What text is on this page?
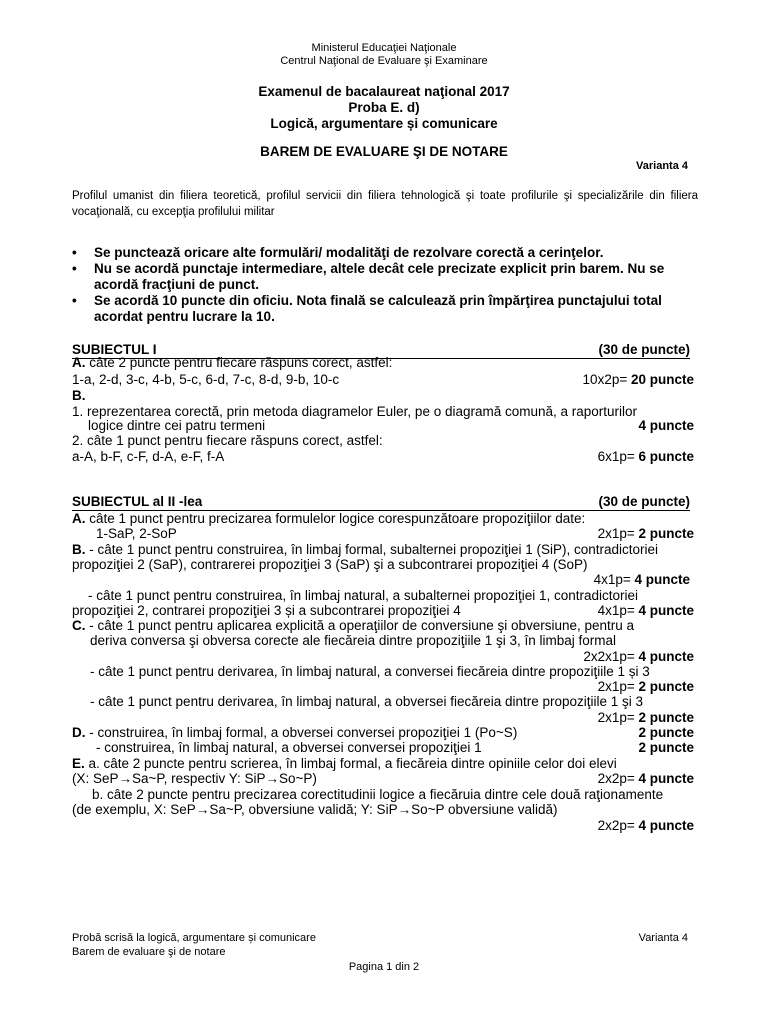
Ministerul Educaţiei Naţionale
Centrul Naţional de Evaluare şi Examinare
Examenul de bacalaureat naţional 2017
Proba E. d)
Logică, argumentare și comunicare
BAREM DE EVALUARE ŞI DE NOTARE
Varianta 4
Profilul umanist din filiera teoretică, profilul servicii din filiera tehnologică şi toate profilurile şi specializările din filiera vocaţională, cu excepţia profilului militar
• Se punctează oricare alte formulări/ modalităţi de rezolvare corectă a cerinţelor.
• Nu se acordă punctaje intermediare, altele decât cele precizate explicit prin barem. Nu se acordă fracţiuni de punct.
• Se acordă 10 puncte din oficiu. Nota finală se calculează prin împărţirea punctajului total acordat pentru lucrare la 10.
SUBIECTUL I	(30 de puncte)
A. câte 2 puncte pentru fiecare răspuns corect, astfel:
1-a, 2-d, 3-c, 4-b, 5-c, 6-d, 7-c, 8-d, 9-b, 10-c	10x2p= 20 puncte
B.
1. reprezentarea corectă, prin metoda diagramelor Euler, pe o diagramă comună, a raporturilor
logice dintre cei patru termeni	4 puncte
2. câte 1 punct pentru fiecare răspuns corect, astfel:
a-A, b-F, c-F, d-A, e-F, f-A	6x1p= 6 puncte
SUBIECTUL al II -lea	(30 de puncte)
A. câte 1 punct pentru precizarea formulelor logice corespunzătoare propoziţiilor date:
1-SaP, 2-SoP	2x1p= 2 puncte
B. - câte 1 punct pentru construirea, în limbaj formal, subalternei propoziţiei 1 (SiP), contradictoriei
propoziţiei 2 (SaP), contrarerei propoziţiei 3 (SaP) şi a subcontrarei propoziţiei 4 (SoP)
4x1p= 4 puncte
- câte 1 punct pentru construirea, în limbaj natural, a subalternei propoziţiei 1, contradictoriei
propoziţiei 2, contrarei propoziţiei 3 și a subcontrarei propoziţiei 4	4x1p= 4 puncte
C. - câte 1 punct pentru aplicarea explicită a operaţiilor de conversiune şi obversiune, pentru a
deriva conversa şi obversa corecte ale fiecăreia dintre propoziţiile 1 şi 3, în limbaj formal
2x2x1p= 4 puncte
- câte 1 punct pentru derivarea, în limbaj natural, a conversei fiecăreia dintre propoziţiile 1 și 3
2x1p= 2 puncte
- câte 1 punct pentru derivarea, în limbaj natural, a obversei fiecăreia dintre propoziţiile 1 şi 3
2x1p= 2 puncte
D. - construirea, în limbaj formal, a obversei conversei propoziţiei 1 (Po~S)	2 puncte
- construirea, în limbaj natural, a obversei conversei propoziţiei 1	2 puncte
E. a. câte 2 puncte pentru scrierea, în limbaj formal, a fiecăreia dintre opiniile celor doi elevi
(X: SeP→Sa~P, respectiv Y: SiP→So~P)	2x2p= 4 puncte
b. câte 2 puncte pentru precizarea corectitudinii logice a fiecăruia dintre cele două raţionamente
(de exemplu, X: SeP→Sa~P, obversiune validă; Y: SiP→So~P obversiune validă)
2x2p= 4 puncte
Probă scrisă la logică, argumentare și comunicare
Barem de evaluare şi de notare
Varianta 4
Pagina 1 din 2
